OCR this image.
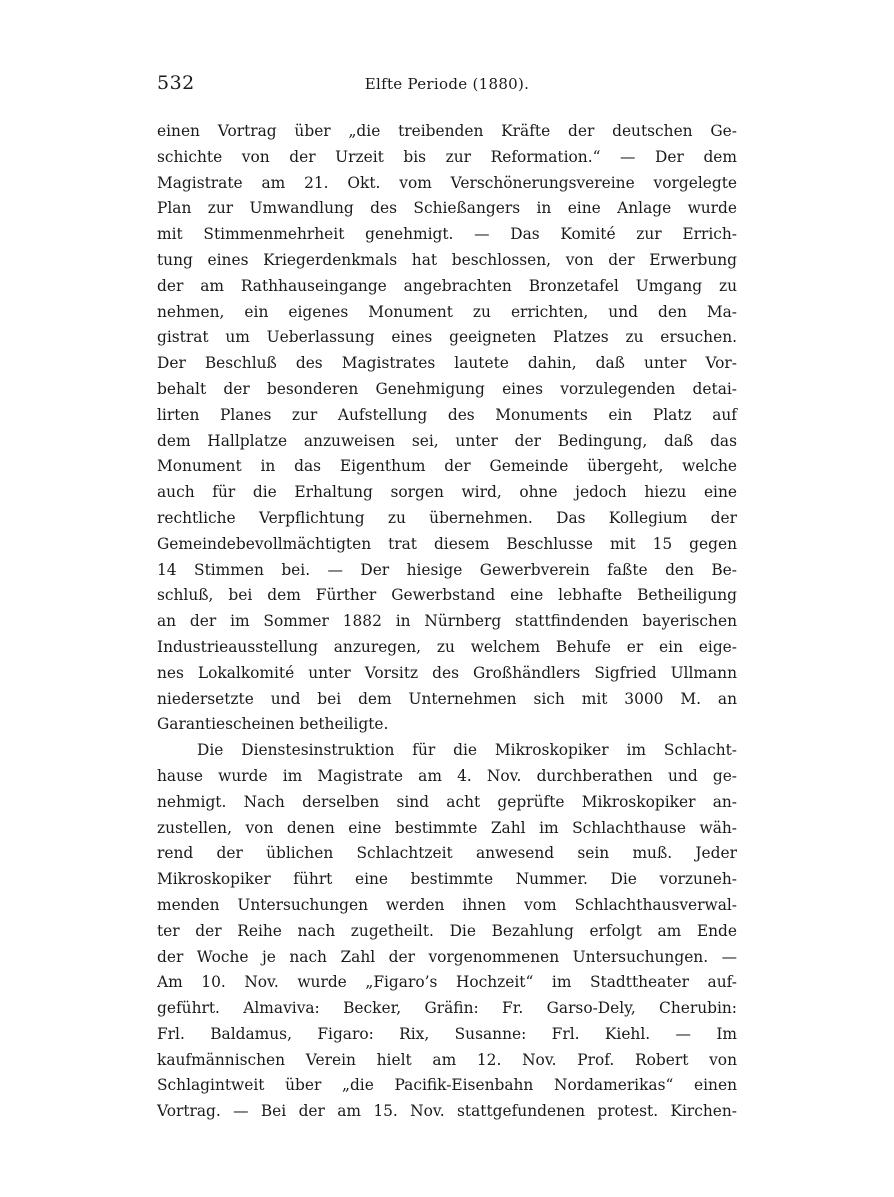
532	Elfte Periode (1880).
einen Vortrag über „die treibenden Kräfte der deutschen Ge-
schichte von der Urzeit bis zur Reformation.“ — Der dem
Magistrate am 21. Okt. vom Verschönerungsvereine vorgelegte
Plan zur Umwandlung des Schießangers in eine Anlage wurde
mit Stimmenmehrheit genehmigt. — Das Komité zur Errich-
tung eines Kriegerdenkmals hat beschlossen, von der Erwerbung
der am Rathhauseingange angebrachten Bronzetafel Umgang zu
nehmen, ein eigenes Monument zu errichten, und den Ma-
gistrat um Ueberlassung eines geeigneten Platzes zu ersuchen.
Der Beschluß des Magistrates lautete dahin, daß unter Vor-
behalt der besonderen Genehmigung eines vorzulegenden detai-
lirten Planes zur Aufstellung des Monuments ein Platz auf
dem Hallplatze anzuweisen sei, unter der Bedingung, daß das
Monument in das Eigenthum der Gemeinde übergeht, welche
auch für die Erhaltung sorgen wird, ohne jedoch hiezu eine
rechtliche Verpflichtung zu übernehmen. Das Kollegium der
Gemeindebevollmächtigten trat diesem Beschlusse mit 15 gegen
14 Stimmen bei. — Der hiesige Gewerbverein faßte den Be-
schluß, bei dem Fürther Gewerbstand eine lebhafte Betheiligung
an der im Sommer 1882 in Nürnberg stattfindenden bayerischen
Industrieausstellung anzuregen, zu welchem Behufe er ein eige-
nes Lokalkomité unter Vorsitz des Großhändlers Sigfried Ullmann
niedersetzte und bei dem Unternehmen sich mit 3000 M. an
Garantiescheinen betheiligte.
Die Dienstesinstruktion für die Mikroskopiker im Schlacht-
hause wurde im Magistrate am 4. Nov. durchberathen und ge-
nehmigt. Nach derselben sind acht geprüfte Mikroskopiker an-
zustellen, von denen eine bestimmte Zahl im Schlachthause wäh-
rend der üblichen Schlachtzeit anwesend sein muß. Jeder
Mikroskopiker führt eine bestimmte Nummer. Die vorzuneh-
menden Untersuchungen werden ihnen vom Schlachthausverwal-
ter der Reihe nach zugetheilt. Die Bezahlung erfolgt am Ende
der Woche je nach Zahl der vorgenommenen Untersuchungen. —
Am 10. Nov. wurde „Figaro’s Hochzeit“ im Stadttheater auf-
geführt. Almaviva: Becker, Gräfin: Fr. Garso-Dely, Cherubin:
Frl. Baldamus, Figaro: Rix, Susanne: Frl. Kiehl. — Im
kaufmännischen Verein hielt am 12. Nov. Prof. Robert von
Schlagintweit über „die Pacifik-Eisenbahn Nordamerikas“ einen
Vortrag. — Bei der am 15. Nov. stattgefundenen protest. Kirchen-
